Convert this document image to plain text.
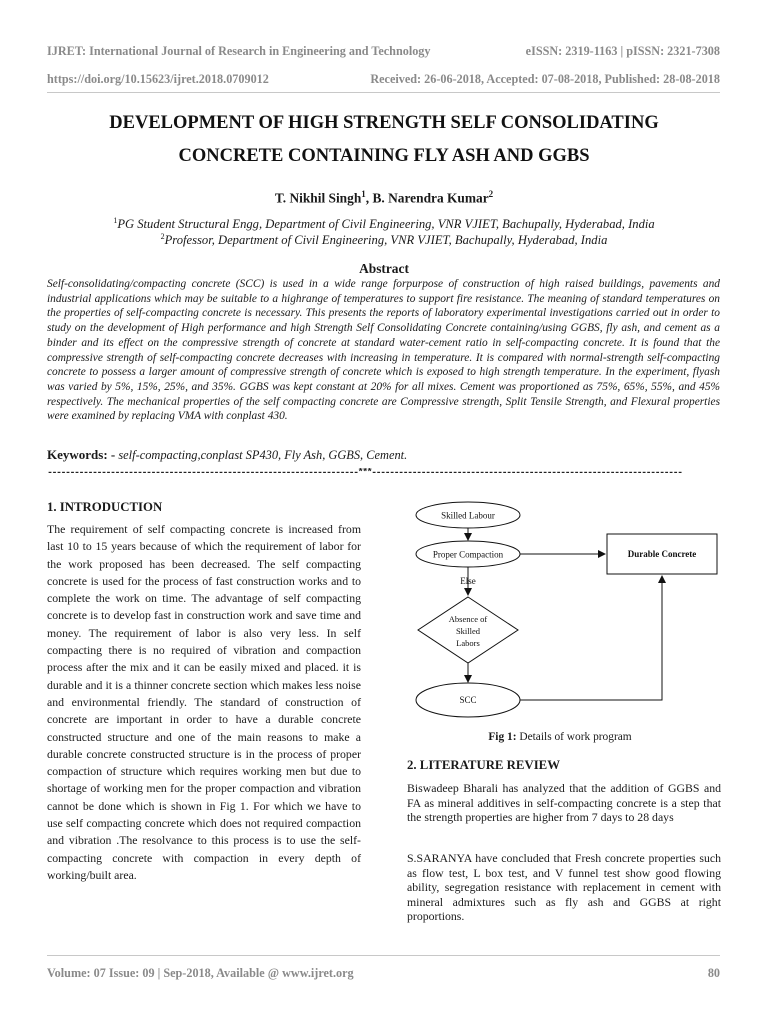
IJRET: International Journal of Research in Engineering and Technology	eISSN: 2319-1163 | pISSN: 2321-7308
https://doi.org/10.15623/ijret.2018.0709012	Received: 26-06-2018, Accepted: 07-08-2018, Published: 28-08-2018
DEVELOPMENT OF HIGH STRENGTH SELF CONSOLIDATING
CONCRETE CONTAINING FLY ASH AND GGBS
T. Nikhil Singh$^1$, B. Narendra Kumar$^2$
$^1$PG Student Structural Engg, Department of Civil Engineering, VNR VJIET, Bachupally, Hyderabad, India
$^2$Professor, Department of Civil Engineering, VNR VJIET, Bachupally, Hyderabad, India
Abstract
Self-consolidating/compacting concrete (SCC) is used in a wide range forpurpose of construction of high raised buildings, pavements and industrial applications which may be suitable to a highrange of temperatures to support fire resistance. The meaning of standard temperatures on the properties of self-compacting concrete is necessary. This presents the reports of laboratory experimental investigations carried out in order to study on the development of High performance and high Strength Self Consolidating Concrete containing/using GGBS, fly ash, and cement as a binder and its effect on the compressive strength of concrete at standard water-cement ratio in self-compacting concrete. It is found that the compressive strength of self-compacting concrete decreases with increasing in temperature. It is compared with normal-strength self-compacting concrete to possess a larger amount of compressive strength of concrete which is exposed to high strength temperature. In the experiment, flyash was varied by 5%, 15%, 25%, and 35%. GGBS was kept constant at 20% for all mixes. Cement was proportioned as 75%, 65%, 55%, and 45% respectively. The mechanical properties of the self compacting concrete are Compressive strength, Split Tensile Strength, and Flexural properties were examined by replacing VMA with conplast 430.
Keywords: - self-compacting,conplast SP430, Fly Ash, GGBS, Cement.
---------------------------------------------------------------------***---------------------------------------------------------------------
1. INTRODUCTION
The requirement of self compacting concrete is increased from last 10 to 15 years because of which the requirement of labor for the work proposed has been decreased. The self compacting concrete is used for the process of fast construction works and to complete the work on time. The advantage of self compacting concrete is to develop fast in construction work and save time and money. The requirement of labor is also very less. In self compacting there is no required of vibration and compaction process after the mix and it can be easily mixed and placed. it is durable and it is a thinner concrete section which makes less noise and environmental friendly. The standard of construction of concrete are important in order to have a durable concrete constructed structure and one of the main reasons to make a durable concrete constructed structure is in the process of proper compaction of structure which requires working men but due to shortage of working men for the proper compaction and vibration cannot be done which is shown in Fig 1. For which we have to use self compacting concrete which does not required compaction and vibration .The resolvance to this process is to use the self-compacting concrete with compaction in every depth of working/built area.
Skilled Labour
Proper Compaction	Durable Concrete
Else
Absence of
Skilled
Labors
SCC
Fig 1: Details of work program
2. LITERATURE REVIEW
Biswadeep Bharali has analyzed that the addition of GGBS and FA as mineral additives in self-compacting concrete is a step that the strength properties are higher from 7 days to 28 days
S.SARANYA have concluded that Fresh concrete properties such as flow test, L box test, and V funnel test show good flowing ability, segregation resistance with replacement in cement with mineral admixtures such as fly ash and GGBS at right proportions.
Volume: 07 Issue: 09 | Sep-2018, Available @ www.ijret.org	80
